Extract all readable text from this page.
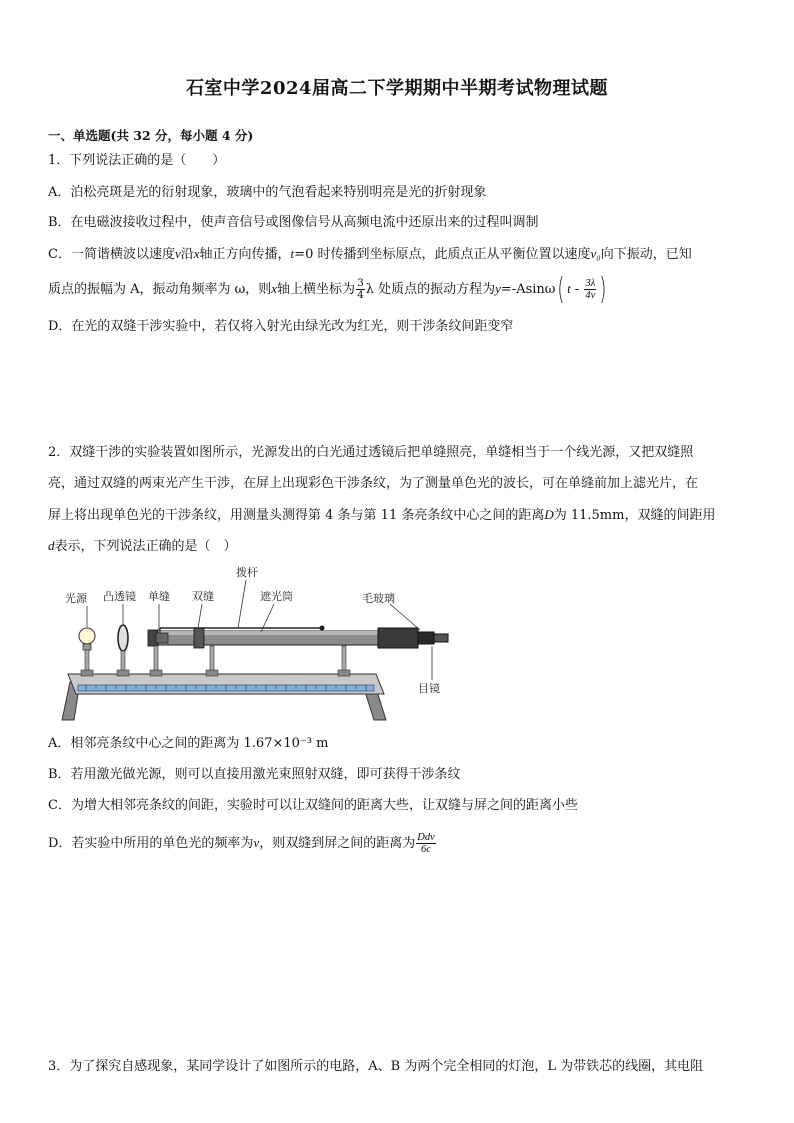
石室中学2024届高二下学期期中半期考试物理试题
一、单选题(共 32 分，每小题 4 分)
1．下列说法正确的是（　　）
A．泊松亮斑是光的衍射现象，玻璃中的气泡看起来特别明亮是光的折射现象
B．在电磁波接收过程中，使声音信号或图像信号从高频电流中还原出来的过程叫调制
C．一简谐横波以速度v沿x轴正方向传播，t=0 时传播到坐标原点，此质点正从平衡位置以速度v₀向下振动，已知
质点的振幅为 A，振动角频率为 ω，则x轴上横坐标为 $\frac{3}{4}$ λ 处质点的振动方程为y=-Asinω( t - $\frac{3\lambda}{4v}$ )
D．在光的双缝干涉实验中，若仅将入射光由绿光改为红光，则干涉条纹间距变窄
2．双缝干涉的实验装置如图所示，光源发出的白光通过透镜后把单缝照亮，单缝相当于一个线光源，又把双缝照
亮，通过双缝的两束光产生干涉，在屏上出现彩色干涉条纹，为了测量单色光的波长，可在单缝前加上滤光片，在
屏上将出现单色光的干涉条纹，用测量头测得第 4 条与第 11 条亮条纹中心之间的距离D为 11.5mm，双缝的间距用
d表示，下列说法正确的是（　）
光源 凸透镜 单缝 双缝
拨杆
遮光筒	毛玻璃
目镜
A．相邻亮条纹中心之间的距离为 1.67×10⁻³ m
B．若用激光做光源，则可以直接用激光束照射双缝，即可获得干涉条纹
C．为增大相邻亮条纹的间距，实验时可以让双缝间的距离大些，让双缝与屏之间的距离小些
D．若实验中所用的单色光的频率为ν，则双缝到屏之间的距离为 $\frac{\text{Ddν}}{6c}$
3．为了探究自感现象，某同学设计了如图所示的电路，A、B 为两个完全相同的灯泡，L 为带铁芯的线圈，其电阻
